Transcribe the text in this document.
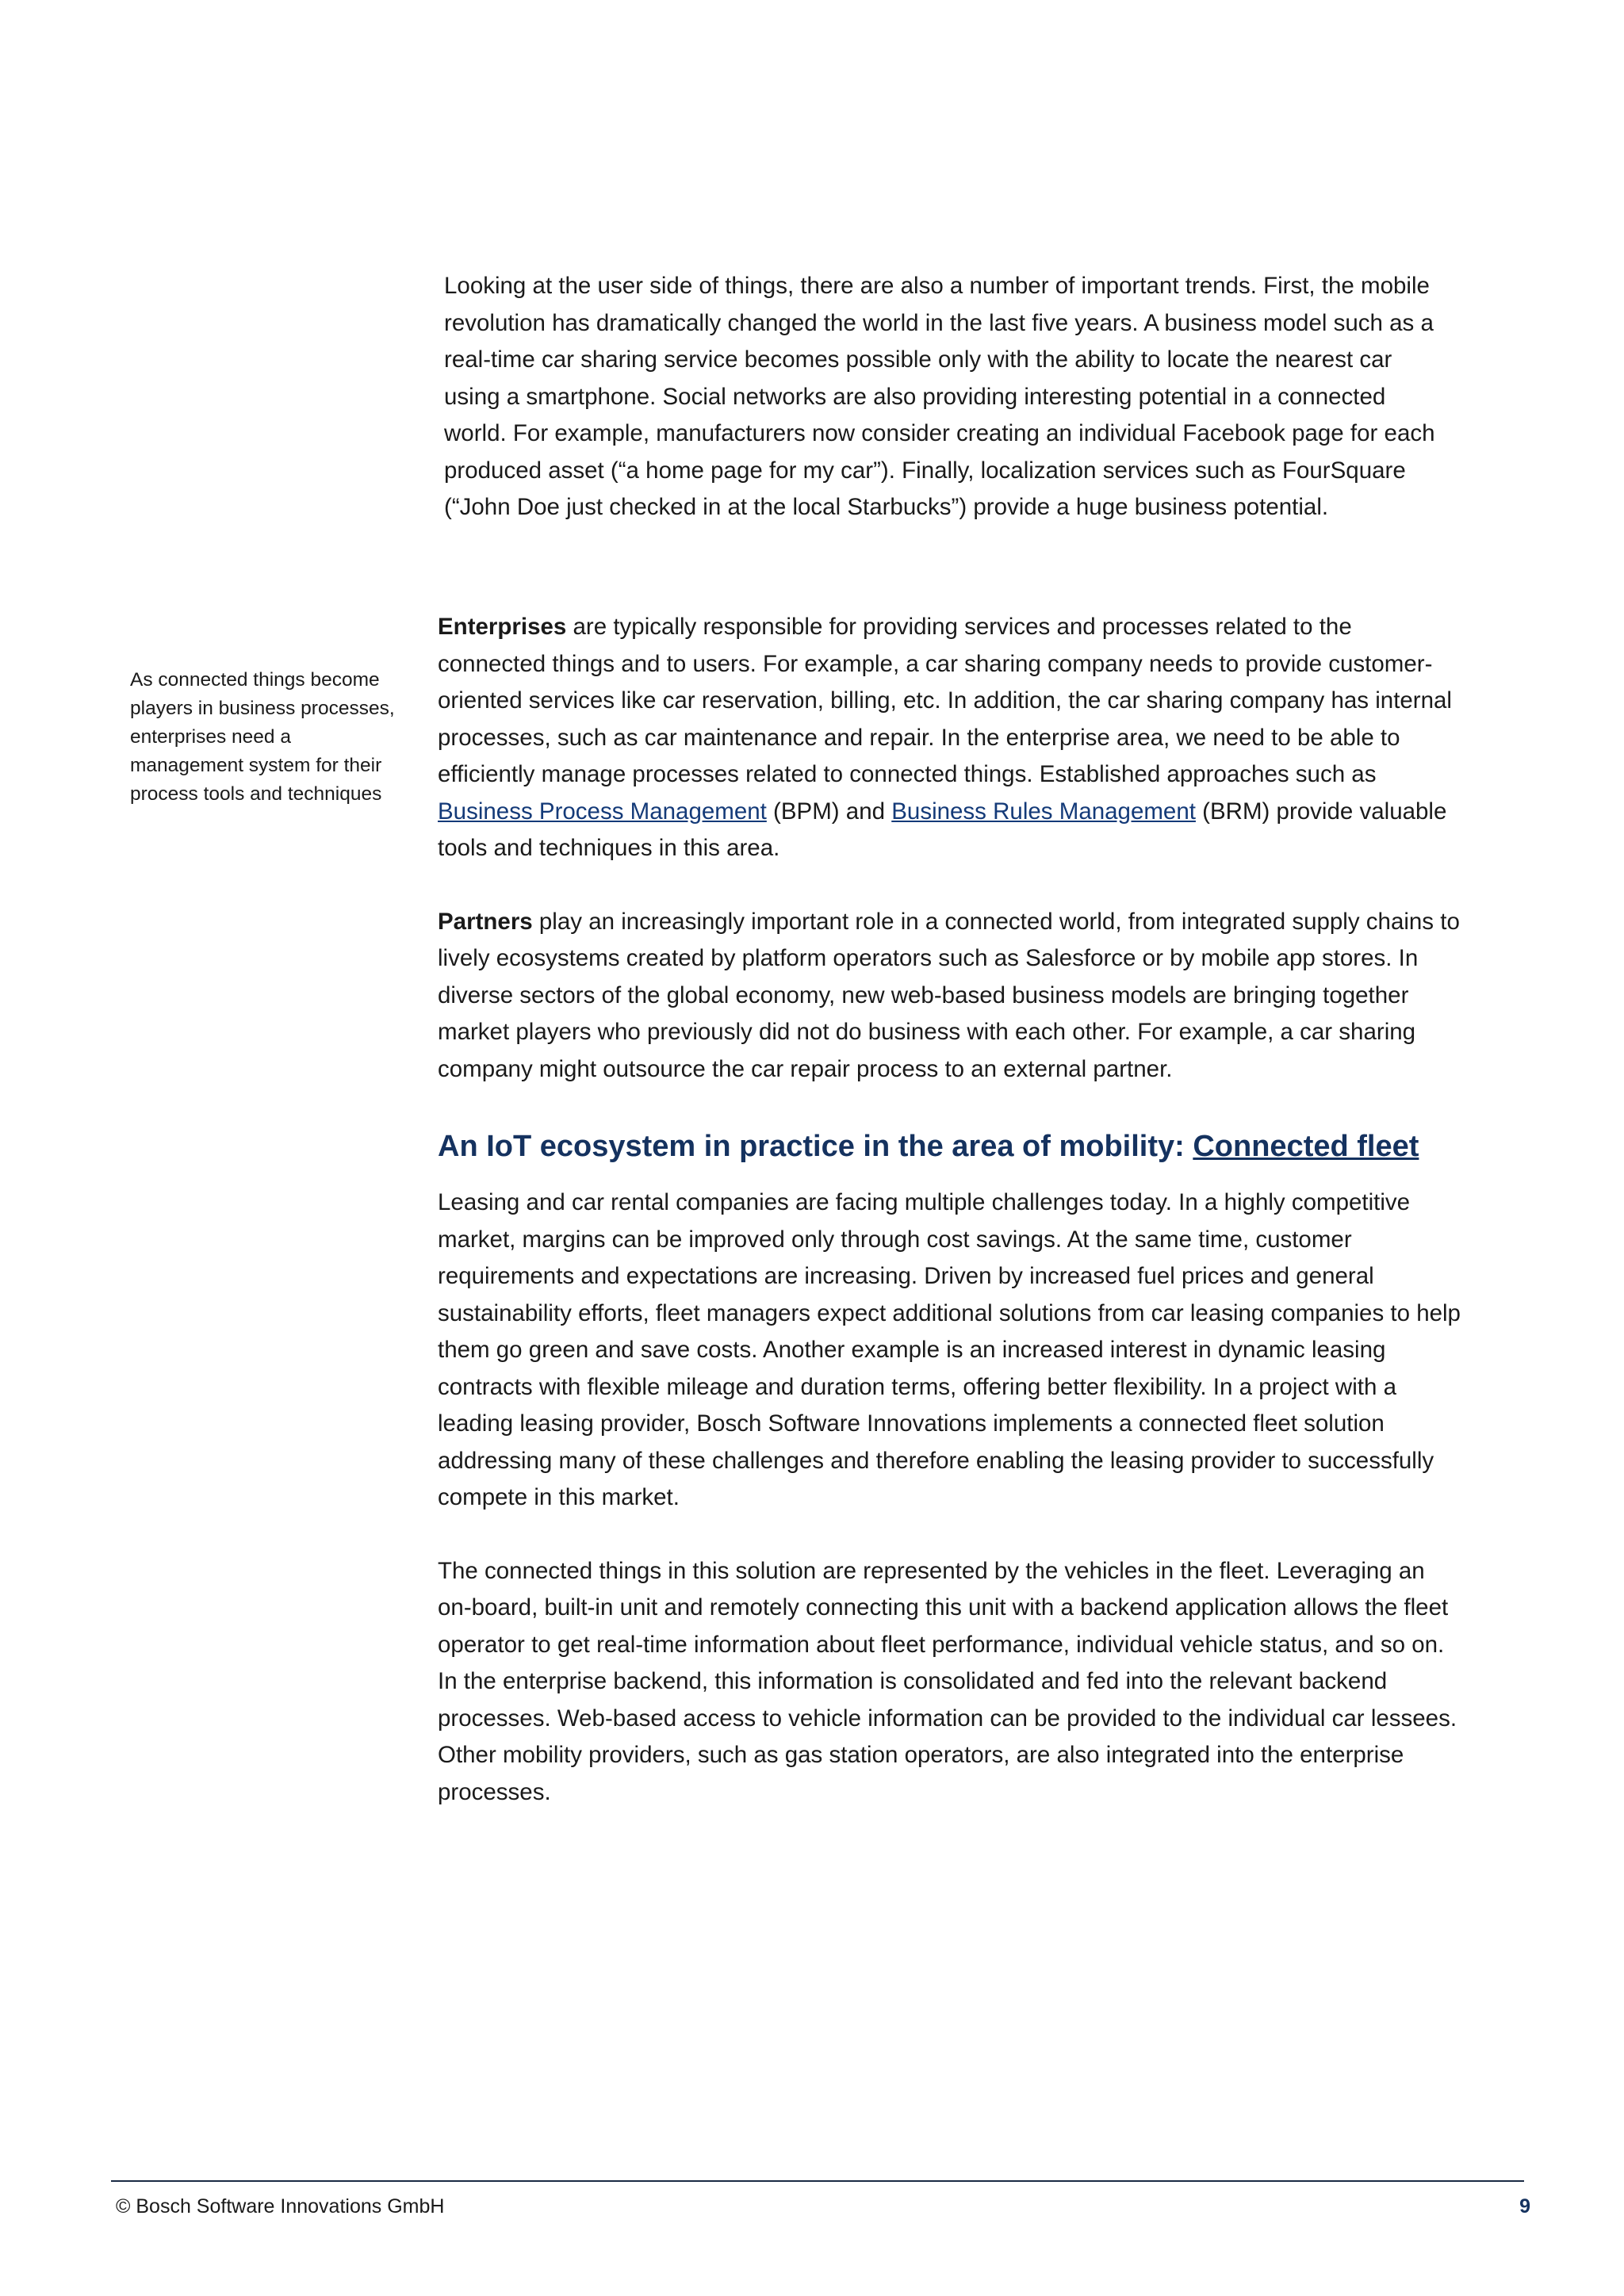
Looking at the user side of things, there are also a number of important trends. First, the mobile revolution has dramatically changed the world in the last five years. A business model such as a real-time car sharing service becomes possible only with the ability to locate the nearest car using a smartphone. Social networks are also providing interesting potential in a connected world. For example, manufacturers now consider creating an individual Facebook page for each produced asset (“a home page for my car”). Finally, localization services such as FourSquare (“John Doe just checked in at the local Starbucks”) provide a huge business potential.
As connected things become players in business processes, enterprises need a management system for their process tools and techniques

Enterprises are typically responsible for providing services and processes related to the connected things and to users. For example, a car sharing company needs to provide customer-oriented services like car reservation, billing, etc. In addition, the car sharing company has internal processes, such as car maintenance and repair. In the enterprise area, we need to be able to efficiently manage processes related to connected things. Established approaches such as Business Process Management (BPM) and Business Rules Management (BRM) provide valuable tools and techniques in this area.

Partners play an increasingly important role in a connected world, from integrated supply chains to lively ecosystems created by platform operators such as Salesforce or by mobile app stores. In diverse sectors of the global economy, new web-based business models are bringing together market players who previously did not do business with each other. For example, a car sharing company might outsource the car repair process to an external partner.

An IoT ecosystem in practice in the area of mobility: Connected fleet

Leasing and car rental companies are facing multiple challenges today. In a highly competitive market, margins can be improved only through cost savings. At the same time, customer requirements and expectations are increasing. Driven by increased fuel prices and general sustainability efforts, fleet managers expect additional solutions from car leasing companies to help them go green and save costs. Another example is an increased interest in dynamic leasing contracts with flexible mileage and duration terms, offering better flexibility. In a project with a leading leasing provider, Bosch Software Innovations implements a connected fleet solution addressing many of these challenges and therefore enabling the leasing provider to successfully compete in this market.

The connected things in this solution are represented by the vehicles in the fleet. Leveraging an on-board, built-in unit and remotely connecting this unit with a backend application allows the fleet operator to get real-time information about fleet performance, individual vehicle status, and so on. In the enterprise backend, this information is consolidated and fed into the relevant backend processes. Web-based access to vehicle information can be provided to the individual car lessees. Other mobility providers, such as gas station operators, are also integrated into the enterprise processes.

© Bosch Software Innovations GmbH	9
